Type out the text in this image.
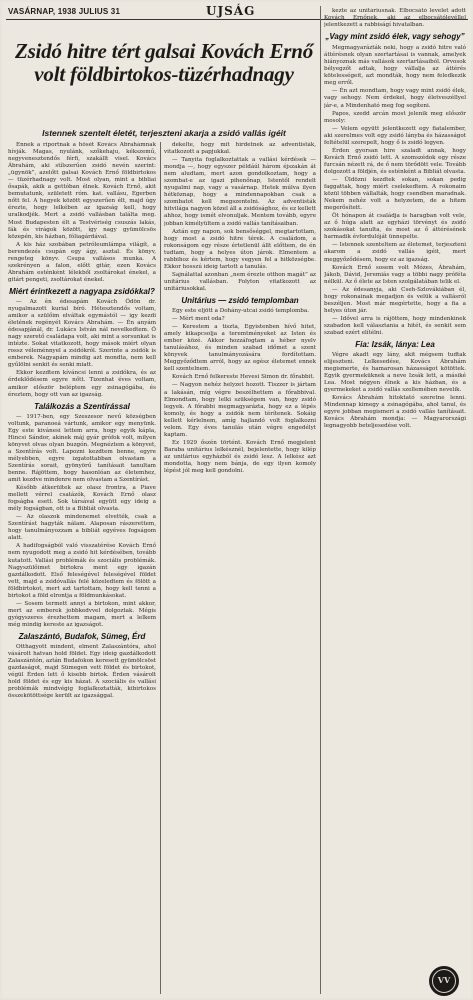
VASÁRNAP, 1938 JULIUS 31	UJSÁG
Zsidó hitre tért galsai Kovách Ernő volt földbirtokos-tüzérhadnagy
Istennek szentelt életét, terjeszteni akarja a zsidó vallás igéit

Ennek a riportnak a hősét Kovács Ábrahámnak hívják. Magas, nyulánk, szőkehaju, kékszemű, negyvenesztendős férfi, szakállt visel. Kovács Ábrahám, aki stílszerűen zsidó nevén szerint: „ügynök”, azelőtt galsai Kovách Ernő földbirtokos — tüzérhadnagy volt. Most olyan, mint a bibliai ősapák, akik a gettóban élnek. Kovách Ernő, akit bemutatunk, született róm. kat. vallásu, Egerben nőtt fel. A hegyek között egyszerűen élt, majd úgy érezte, hogy lelkében az igazság kell, hogy uralkodjék. Mert a zsidó vallásban találta meg. Most Budapesten élt a Testvériség csuszás lakás, fák és virágok között, így nagy gyümölcsös közepén, kis házban, fóliagárdával.

A kis ház szobában petróleumlámpa világít, a berendezés csupán egy ágy, asztal. És könyv, rengeteg könyv. Csupa vallásos munka. A szekrényen a falon, előtt gitár, ezen Kovács Ábrahám esténként lélekből zsoltárokat énekel, a gitárt pengeti, zsoltárokat énekel.

Miért érintkezett a nagyapa zsidókkal?

— Az én édesapám Kovách Ödön dr. nyugalmazott kurial bíró. Hétesztendős voltam, amikor a szülőim elváltak egymástól — igy kezdi életének regényét Kovács Ábrahám. — Én anyám édesapjánál, dr. Lukács István nál nevelkedtem. Ő nagy szerető családapa volt, aki mint a sorsunkat is intézte. Sokat vitatkozott, hogy mások miért olyan rossz véleménnyel a zsidókról. Szerinte a zsidók is emberek. Nagyapám mindig azt mondta, nem kell gyűlölni senkit és senki miatt.

Ekkor kezdtem kíváncsi lenni a zsidókra, és az érdeklődésem egyre nőtt. Tizenhat éves voltam, amikor először beléptem egy zsinagógába, és éreztem, hogy ott van az igazság.

Találkozás a Szentírással

— 1917-ben, egy Szeszesor nevű községben voltunk, paranoeá vártunk, amikor egy menyünk. Egy este kivánesi lettem arra, hogy egyik kápla, Hincsi Sándor, akinek máj gyár grófok volt, milyen könyvet olvas olyan buzgón. Megnéztem a könyvet, a Szentírás volt. Lapozni kezdtem benne, egyre mélyebben, egyre izgatottabban olvastam a Szentírás sorait, gyönyörű tanításait tanultam benne. Rájöttem, hogy hasonlóan az életemhez, amit kezdve mindenre nem olvastam a Szentírást.

Később átkerültek az olasz frontra, a Piave mellett vérrel csatázók, Kovách Ernő olasz fogságba esett. Sok társával együtt egy ideig a mély fogságban, ott is a Bibliát olvasta.

— Az olaszok mindenemet elvették, csak a Szentírást hagyták nálam. Alaposan rászerettem, hogy tanulmányozzam a bibliát egyéves fogságom alatt.

A hadifogságból való visszatérése Kovách Ernő nem nyugodott meg a zsidó hit kérdésében, tovább kutatott. Vallási problémák és szociális problémák. Nagyszülőimet birtokra ment egy igazán gazdálkodott. Első feleségével feleségével földet vett, majd a zsidóvallás felé közeledtem és fölött a földbirtokot, mert azt tartottam, hogy kell tenni a birtokot a föld elrontja a földmunkásokat.

— Sosem termett annyi a birtokon, mint akkor, mert az emberek jobbkedvvel dolgoztak. Mégis gyógyszeres érezhettem magam, mert a lelkem még mindig kereste az igazságot.

Zalaszántó, Budafok, Sümeg, Érd

Otthagyott mindent, elment Zalaszántóra, ahol vásárolt hatvan hold földet. Egy ideig gazdálkodott Zalaszántón, aztán Budafokon keresett gyümölcsöst gazdaságot, majd Sümegen vett földet és birtokot, végül Érden lett ő kisebb birtok. Érden vásárolt hold földet és egy kis házat. A szociális és vallási problémák mindvégig foglalkoztatták, kibirtokos összekötöttsége került az igazsággal.

dekelte, hogy mit hirdetnek az adventisták, vitatkozott a papjukkal.

— Tanyita foglalkoztattak a vallási kérdések — mondja —, hogy egyszer példáúl három éjszakán át nem aludtam, mert azon gondolkoztam, hogy a szombat-e az igazi pihenőnap, Istentől rendelt nyugalmi nap, vagy a vasárnap. Hetek múlva ilyen hétköznap, hogy a mindennapokban csak a szombatot kell megszentelni. Az adventisták hitvilága nagyon közel áll a zsidósághoz, és ez kellett ahhoz, hogy ismét elvonuljak. Mentem tovább, egyre jobban kimélyültem a zsidó vallás tanításaiban.

Aztán egy napon, sok bensőséggel, megtartottam, hogy most a zsidó hitre térek. A családom, a rokonságom egy része értetlenül állt előttem, de én tudtam, hogy a helyes úton járok. Elmentem a rabbihoz és kértem, hogy vegyen fel a hitközségbe. Ekkor hosszú ideig tartott a tanulás.

Sajnálattal azonban „nem érezte otthon magát” az unitárius vallásban. Folyton vitatkozott az unitáriusokkal.

Unitárius — zsidó templomban

Egy este eljött a Dohány-utcai zsidó templomba.

— Mért ment oda?

— Kerestem a tiszta, Egyistenben hívő hitet, amely kikapcsolja a teremtményeket az Isten és ember közé. Akkor hozzáfogtam a héber nyelv tanulásához, és minden szabad időmet a szent könyvek tanulmányozására fordítottam. Meggyőződtem arról, hogy az egész életemet ennek kell szentelnem.

Kovách Ernő felkereste Hevesi Simon dr. főrabbit.

— Nagyon nehéz helyzet hozott. Tiszzer is jártam a lakásán, míg végre beszélhettem a főrabbival. Elmondtam, hogy lelki szükségem van, hogy zsidó legyek. A főrabbi megmagyarázta, hogy ez a lépés komoly, és hogy a zsidók nem térítenek. Sokáig kellett kérlelnem, amíg hajlandó volt foglalkozni velem. Egy éves tanulás után végre engedélyt kaptam.

Ez 1929 őszén történt. Kovách Ernő megjelent Baraba unitárius lelkésznél, bejelentette, hogy kilép az unitárius egyházból és zsidó lesz. A lelkész azt mondotta, hogy nem bánja, de egy ilyen komoly lépést jól meg kell gondolni.

kezte az unitáriusnak. Elbocsátó levelet adott Kovách Ernőnek, aki az elbocsátólevéllel jelentkezett a rabbiságí hivatalban.

„Vagy mint zsidó élek, vagy sehogy”

Megmagyarázták neki, hogy a zsidó hitre való áttérésnek olyan szertartásai is vannak, amelyek hiányoznak más vallások szertartásaiból. Orvosok bélyegzőt adtak, hogy vállalja az áttérés kötelességeit, azt mondták, hogy nem feledkezik meg erről.

— Én azt mondtam, hogy vagy mint zsidó élek, vagy sehogy. Nem érdekel, hogy életveszéllyel jár-e, a Mindenható meg fog segíteni.

Papos, szedd arcán most jelenik meg először mosoly:

— Velem együtt jelentkezett egy fiatalember, aki szerelmes volt egy zsidó lányba és házasságot feltételül szerepelt, hogy ő is zsidó legyen.

Érden gyorsan hire szaladt annak, hogy Kovách Ernő zsidó lett. A szomszédok egy része furcsán nézett rá, de ő nem törődött vele. Tovább dolgozott a földjén, és esténként a Bibliát olvasta.

— Üldözni kezdtek sokan, sokan pedig faggattak, hogy miért cselekedtem. A rokonaim közül többen vállalták, hogy csendben maradnak. Nekem nehéz volt a helyzetem, de a hitem megerősített.

Öt hónapon át családja is haragban volt vele, az ő húga alatt az egyházi törvényt és zsidó szokásokat tanulta, és most az ő áttérésének harmadik évfordulóját ünnepelte.

— Istennek szenteltem az életemet, terjeszteni akarom a zsidó vallás igéit, mert meggyőződésem, hogy ez az igazság.

Kovách Ernő sosem volt Mózes, Ábrahám, Jákob, Dávid, Jeremiás vagy a többi nagy próféta nélkül. Az ő élete az Isten szolgálatában telik el.

— Az édesanyja, aki Cseh-Szlovákiában él, hogy rokonainak megadjon és velük a vallásról beszéljen. Most már megértette, hogy a fia a helyes úton jár.

— Idővel arra is rájöttem, hogy mindenkinek szabadon kell választania a hitét, és senkit sem szabad ezért elítélni.

Fia: Izsák, lánya: Lea

Végre akadt egy lány, akit mégsem tudtak elijeszteni. Lelkesedése, Kovács Ábrahám megismerte, és hamarosan házasságot kötöttek. Egyik gyermeküknek a neve Izsák lett, a másiké Lea. Most négyen élnek a kis házban, és a gyermekeket a zsidó vallás szellemében nevelik.

Kovács Ábrahám hitoktató szeretne lenni. Mindennap kimegy a zsinagógába, ahol tanul, és egyre jobban megismeri a zsidó vallás tanításait. Kovács Ábrahám mondja: — Magyarországi legnagyobb beteljesedése volt.

VV
